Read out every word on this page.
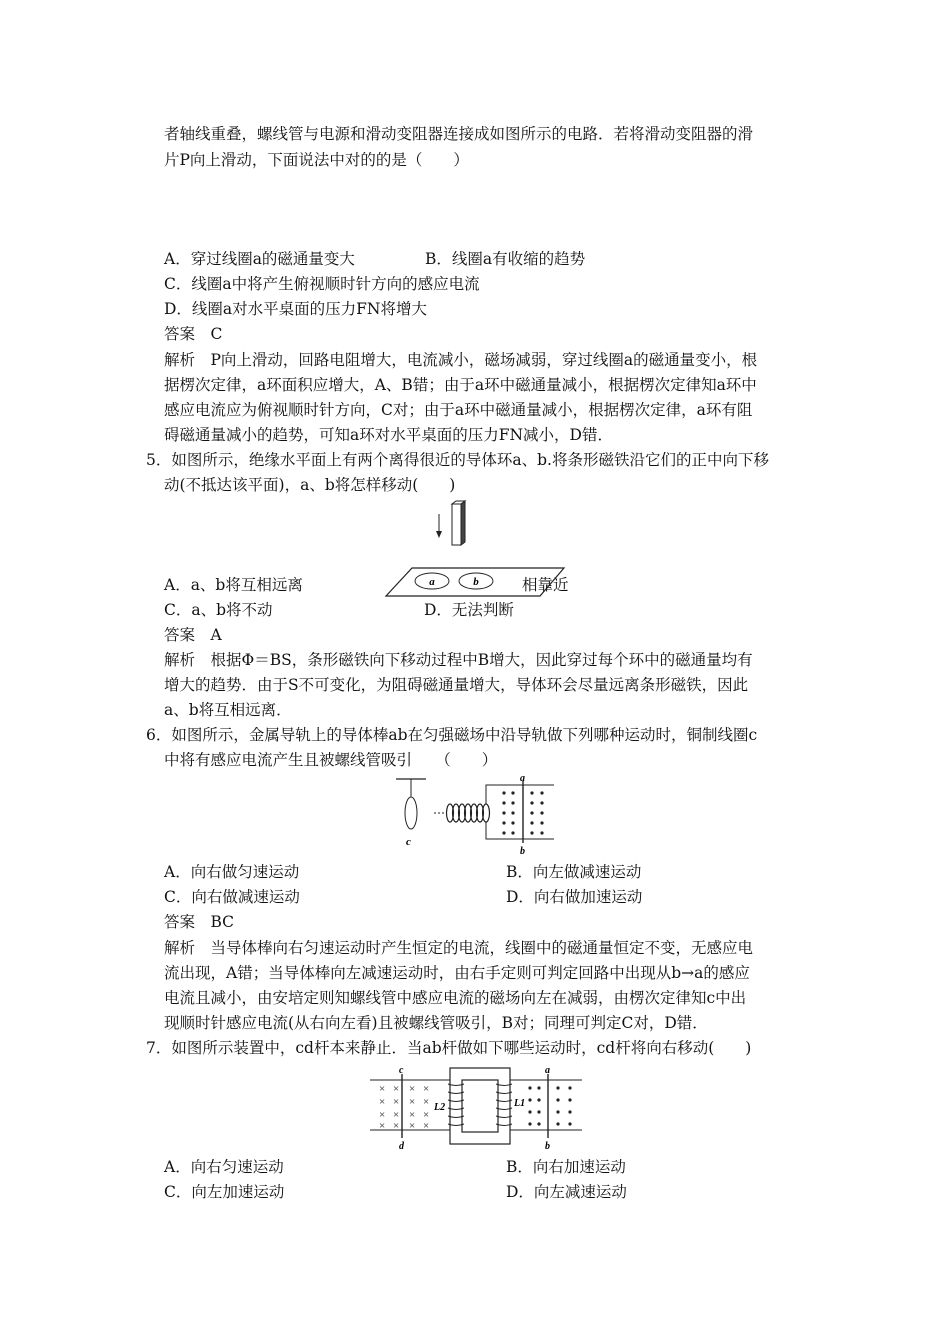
者轴线重叠，螺线管与电源和滑动变阻器连接成如图所示的电路．若将滑动变阻器的滑
片P向上滑动，下面说法中对的的是（　　）
A．穿过线圈a的磁通量变大	B．线圈a有收缩的趋势
C．线圈a中将产生俯视顺时针方向的感应电流
D．线圈a对水平桌面的压力FN将增大
答案　C
解析　P向上滑动，回路电阻增大，电流减小，磁场减弱，穿过线圈a的磁通量变小，根
据楞次定律，a环面积应增大，A、B错；由于a环中磁通量减小，根据楞次定律知a环中
感应电流应为俯视顺时针方向，C对；由于a环中磁通量减小，根据楞次定律，a环有阻
碍磁通量减小的趋势，可知a环对水平桌面的压力FN减小，D错．
5．如图所示，绝缘水平面上有两个离得很近的导体环a、b.将条形磁铁沿它们的正中向下移
动(不抵达该平面)，a、b将怎样移动(　　)
a	b
A．a、b将互相远离	相靠近
C．a、b将不动	D．无法判断
答案　A
解析　根据Φ＝BS，条形磁铁向下移动过程中B增大，因此穿过每个环中的磁通量均有
增大的趋势．由于S不可变化，为阻碍磁通量增大，导体环会尽量远离条形磁铁，因此
a、b将互相远离．
6．如图所示，金属导轨上的导体棒ab在匀强磁场中沿导轨做下列哪种运动时，铜制线圈c
中将有感应电流产生且被螺线管吸引　　（　　）
c
a
b
A．向右做匀速运动	B．向左做减速运动
C．向右做减速运动	D．向右做加速运动
答案　BC
解析　当导体棒向右匀速运动时产生恒定的电流，线圈中的磁通量恒定不变，无感应电
流出现，A错；当导体棒向左减速运动时，由右手定则可判定回路中出现从b→a的感应
电流且减小，由安培定则知螺线管中感应电流的磁场向左在减弱，由楞次定律知c中出
现顺时针感应电流(从右向左看)且被螺线管吸引，B对；同理可判定C对，D错．
7．如图所示装置中，cd杆本来静止．当ab杆做如下哪些运动时，cd杆将向右移动(　　)
c
d
× × × ×
× × × ×
× × × ×
× × × ×
L2	L1
a
b
A．向右匀速运动	B．向右加速运动
C．向左加速运动	D．向左减速运动
